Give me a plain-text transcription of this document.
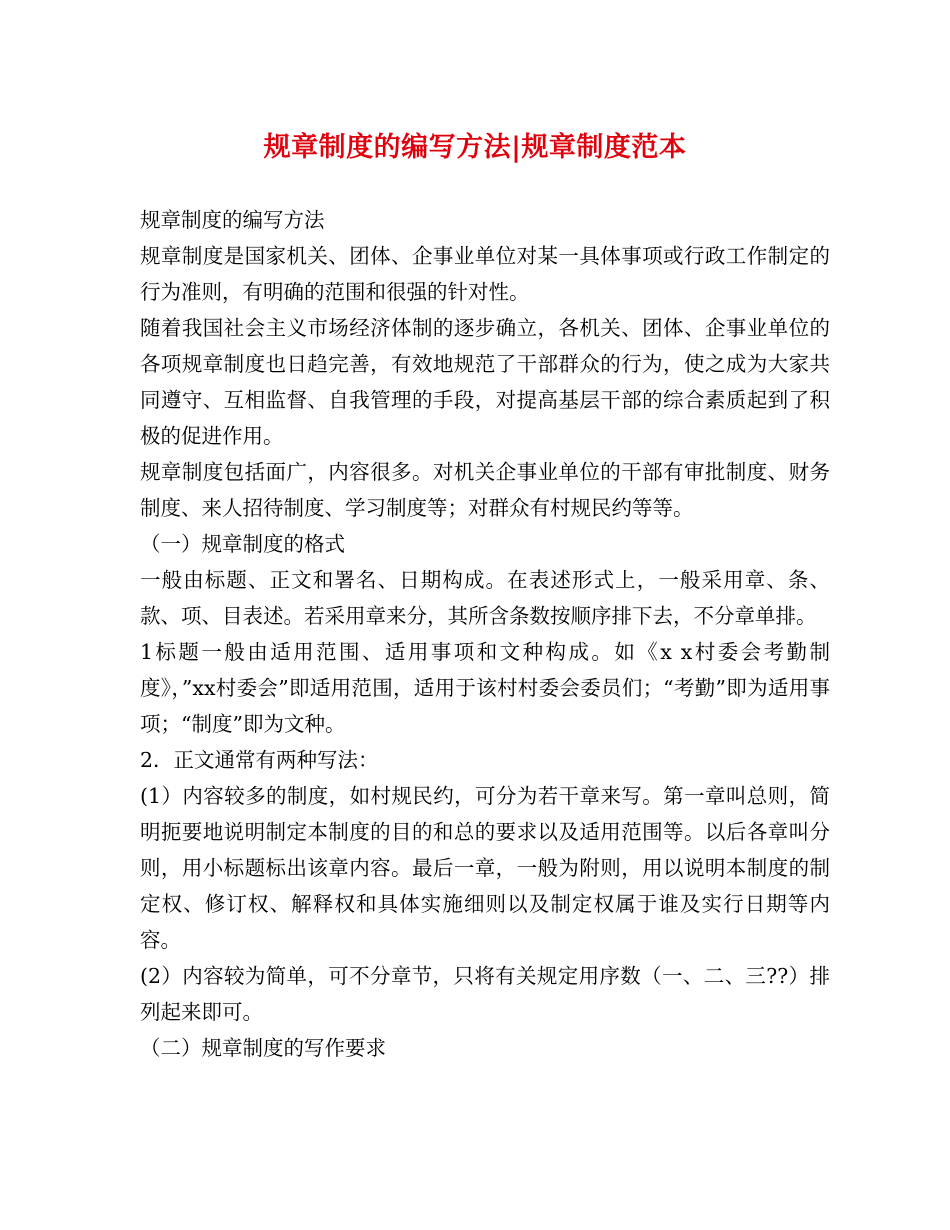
规章制度的编写方法|规章制度范本

规章制度的编写方法

规章制度是国家机关、团体、企事业单位对某一具体事项或行政工作制定的行为准则，有明确的范围和很强的针对性。

随着我国社会主义市场经济体制的逐步确立，各机关、团体、企事业单位的各项规章制度也日趋完善，有效地规范了干部群众的行为，使之成为大家共同遵守、互相监督、自我管理的手段，对提高基层干部的综合素质起到了积极的促进作用。

规章制度包括面广，内容很多。对机关企事业单位的干部有审批制度、财务制度、来人招待制度、学习制度等；对群众有村规民约等等。

（一）规章制度的格式

一般由标题、正文和署名、日期构成。在表述形式上，一般采用章、条、款、项、目表述。若采用章来分，其所含条数按顺序排下去，不分章单排。

1标题一般由适用范围、适用事项和文种构成。如《x x村委会考勤制度》，”xx村委会”即适用范围，适用于该村村委会委员们；“考勤”即为适用事项；“制度”即为文种。

2．正文通常有两种写法：

(1）内容较多的制度，如村规民约，可分为若干章来写。第一章叫总则，简明扼要地说明制定本制度的目的和总的要求以及适用范围等。以后各章叫分则，用小标题标出该章内容。最后一章，一般为附则，用以说明本制度的制定权、修订权、解释权和具体实施细则以及制定权属于谁及实行日期等内容。

(2）内容较为简单，可不分章节，只将有关规定用序数（一、二、三??）排列起来即可。

（二）规章制度的写作要求
